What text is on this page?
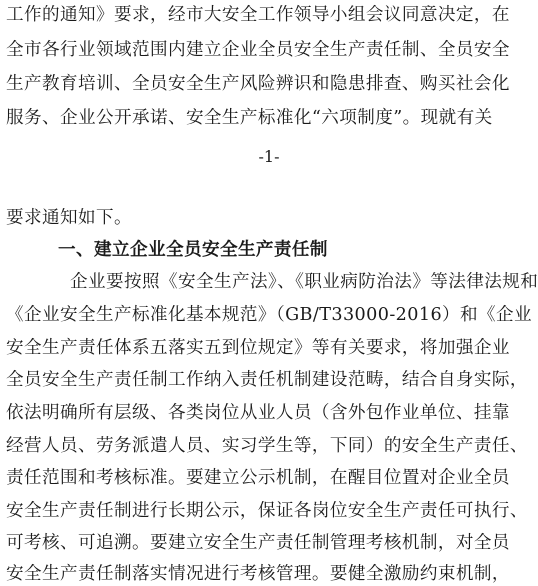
工作的通知》要求，经市大安全工作领导小组会议同意决定，在
全市各行业领域范围内建立企业全员安全生产责任制、全员安全
生产教育培训、全员安全生产风险辨识和隐患排查、购买社会化
服务、企业公开承诺、安全生产标准化“六项制度”。现就有关
-1-
要求通知如下。
一、建立企业全员安全生产责任制
企业要按照《安全生产法》、《职业病防治法》等法律法规和
《企业安全生产标准化基本规范》（GB/T33000-2016）和《企业
安全生产责任体系五落实五到位规定》等有关要求，将加强企业
全员安全生产责任制工作纳入责任机制建设范畴，结合自身实际，
依法明确所有层级、各类岗位从业人员（含外包作业单位、挂靠
经营人员、劳务派遣人员、实习学生等，下同）的安全生产责任、
责任范围和考核标准。要建立公示机制，在醒目位置对企业全员
安全生产责任制进行长期公示，保证各岗位安全生产责任可执行、
可考核、可追溯。要建立安全生产责任制管理考核机制，对全员
安全生产责任制落实情况进行考核管理。要健全激励约束机制，
